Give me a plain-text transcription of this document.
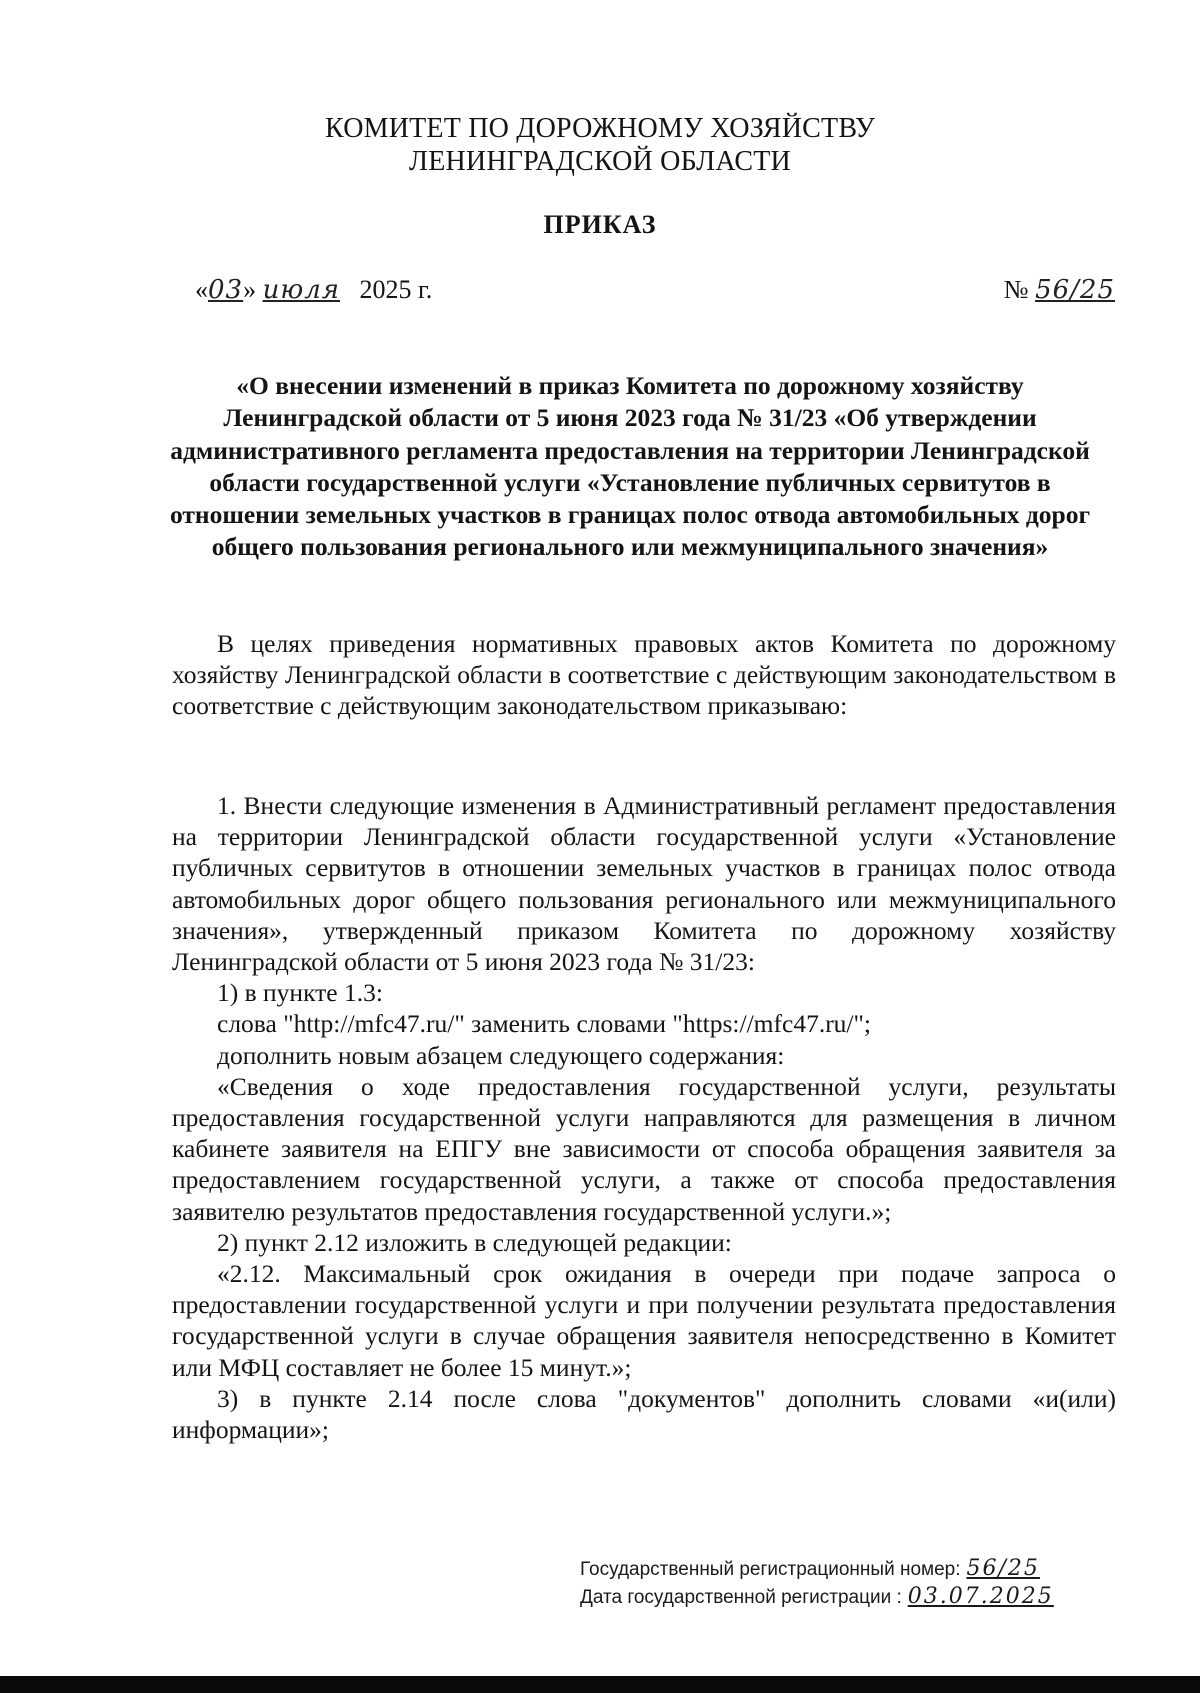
КОМИТЕТ ПО ДОРОЖНОМУ ХОЗЯЙСТВУ
ЛЕНИНГРАДСКОЙ ОБЛАСТИ
ПРИКАЗ
«03» июля 2025 г.	№ 56/25
«О внесении изменений в приказ Комитета по дорожному хозяйству Ленинградской области от 5 июня 2023 года № 31/23 «Об утверждении административного регламента предоставления на территории Ленинградской области государственной услуги «Установление публичных сервитутов в отношении земельных участков в границах полос отвода автомобильных дорог общего пользования регионального или межмуниципального значения»
В целях приведения нормативных правовых актов Комитета по дорожному хозяйству Ленинградской области в соответствие с действующим законодательством в соответствие с действующим законодательством приказываю:
1. Внести следующие изменения в Административный регламент предоставления на территории Ленинградской области государственной услуги «Установление публичных сервитутов в отношении земельных участков в границах полос отвода автомобильных дорог общего пользования регионального или межмуниципального значения», утвержденный приказом Комитета по дорожному хозяйству Ленинградской области от 5 июня 2023 года № 31/23:
1) в пункте 1.3:
слова "http://mfc47.ru/" заменить словами "https://mfc47.ru/";
дополнить новым абзацем следующего содержания:
«Сведения о ходе предоставления государственной услуги, результаты предоставления государственной услуги направляются для размещения в личном кабинете заявителя на ЕПГУ вне зависимости от способа обращения заявителя за предоставлением государственной услуги, а также от способа предоставления заявителю результатов предоставления государственной услуги.»;
2) пункт 2.12 изложить в следующей редакции:
«2.12. Максимальный срок ожидания в очереди при подаче запроса о предоставлении государственной услуги и при получении результата предоставления государственной услуги в случае обращения заявителя непосредственно в Комитет или МФЦ составляет не более 15 минут.»;
3) в пункте 2.14 после слова "документов" дополнить словами «и(или) информации»;
Государственный регистрационный номер: 56/25
Дата государственной регистрации : 03.07.2025
